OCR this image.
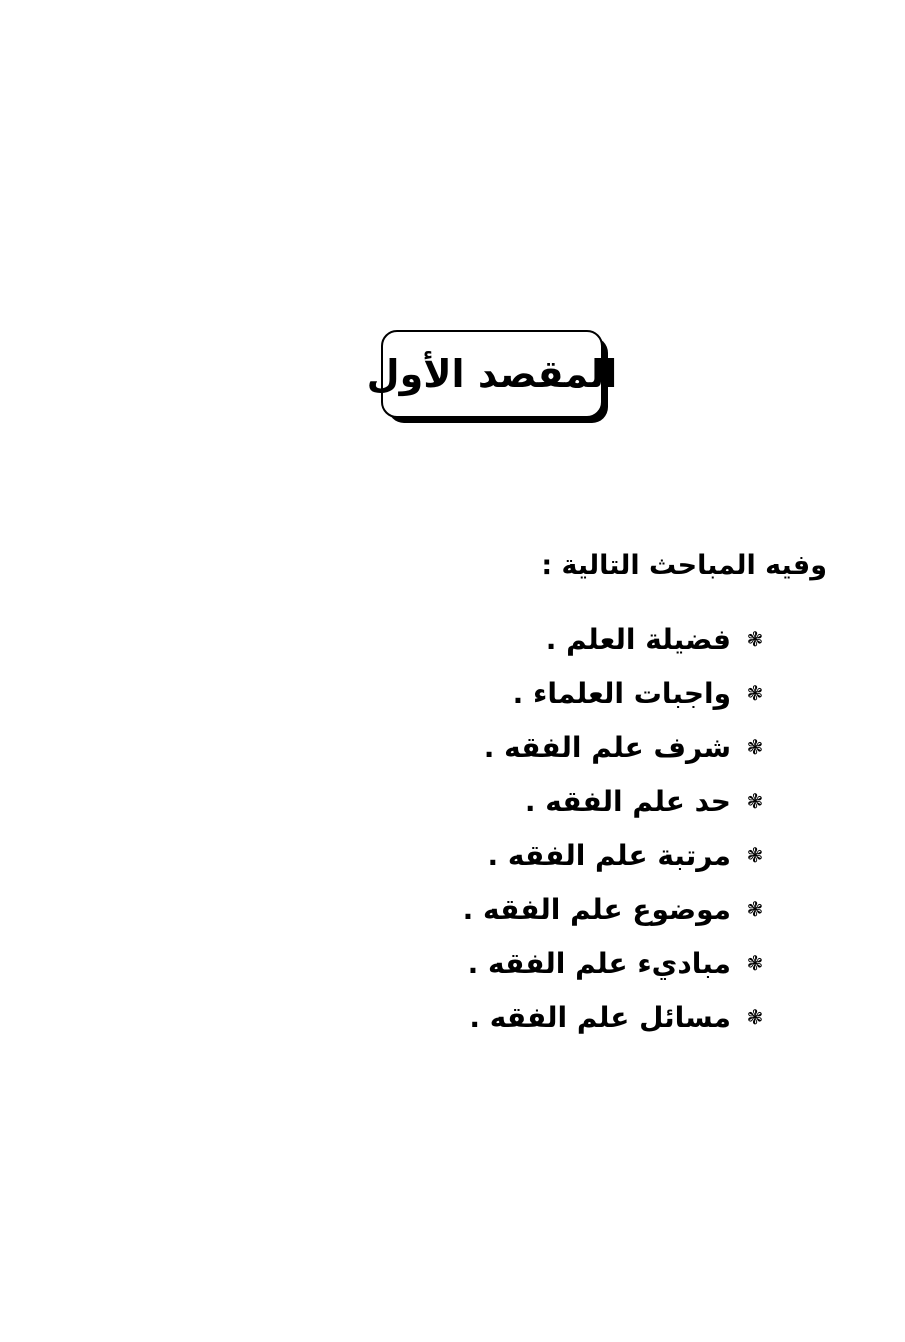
المقصد الأول
وفيه المباحث التالية :
❃
فضيلة العلم .
❃
واجبات العلماء .
❃
شرف علم الفقه .
❃
حد علم الفقه .
❃
مرتبة علم الفقه .
❃
موضوع علم الفقه .
❃
مباديء علم الفقه .
❃
مسائل علم الفقه .
